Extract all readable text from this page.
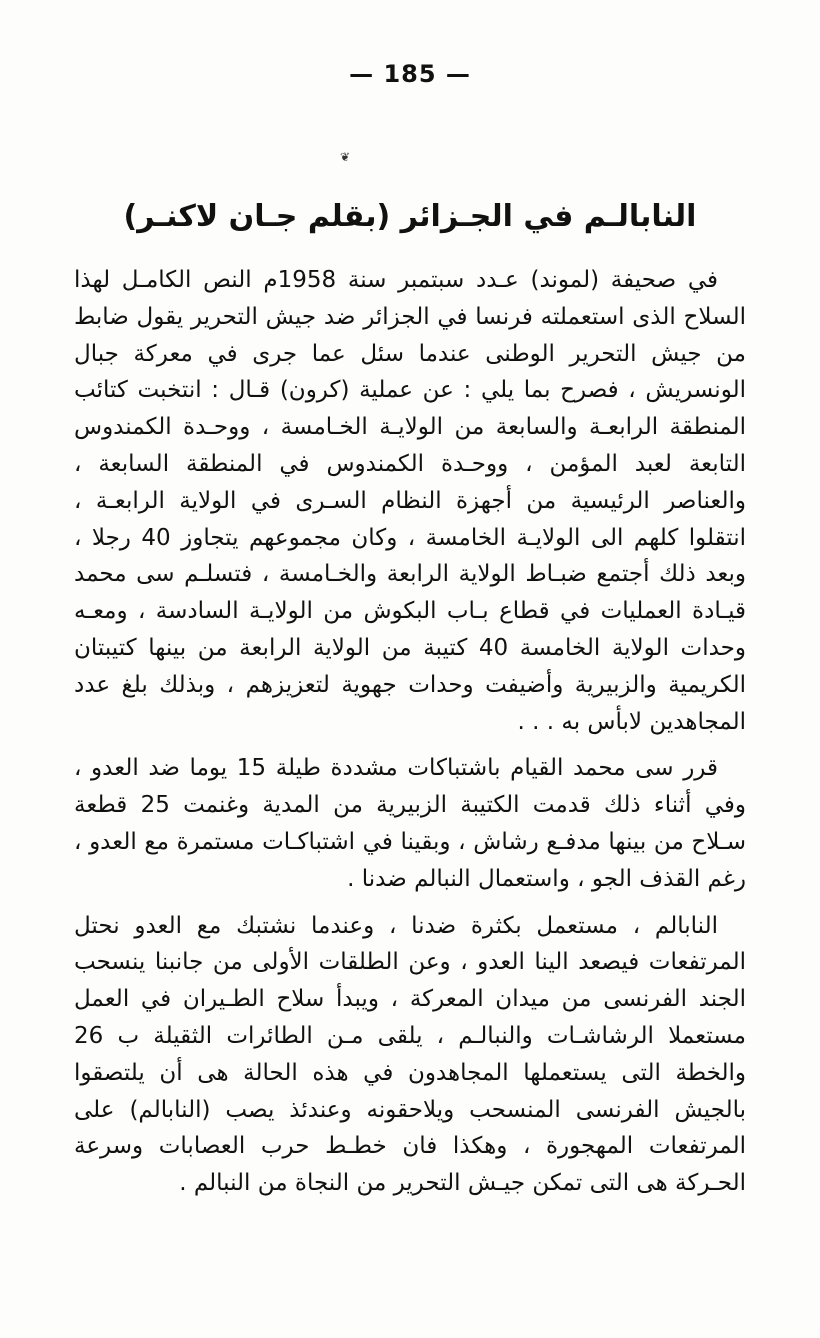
— 185 —
❦
النابالـم في الجـزائر (بقلم جـان لاكنـر)

في صحيفة (لموند) عـدد سبتمبر سنة 1958م النص الكامـل لهذا السلاح الذى استعملته فرنسا في الجزائر ضد جيش التحرير يقول ضابط من جيش التحرير الوطنى عندما سئل عما جرى في معركة جبال الونسريش ، فصرح بما يلي : عن عملية (كرون) قـال : انتخبت كتائب المنطقة الرابعـة والسابعة من الولايـة الخـامسة ، ووحـدة الكمندوس التابعة لعبد المؤمن ، ووحـدة الكمندوس في المنطقة السابعة ، والعناصر الرئيسية من أجهزة النظام السـرى في الولاية الرابعـة ، انتقلوا كلهم الى الولايـة الخامسة ، وكان مجموعهم يتجاوز 40 رجلا ، وبعد ذلك أجتمع ضبـاط الولاية الرابعة والخـامسة ، فتسلـم سى محمد قيـادة العمليات في قطاع بـاب البكوش من الولايـة السادسة ، ومعـه وحدات الولاية الخامسة 40 كتيبة من الولاية الرابعة من بينها كتيبتان الكريمية والزبيرية وأضيفت وحدات جهوية لتعزيزهم ، وبذلك بلغ عدد المجاهدين لابأس به . . .

قرر سى محمد القيام باشتباكات مشددة طيلة 15 يوما ضد العدو ، وفي أثناء ذلك قدمت الكتيبة الزبيرية من المدية وغنمت 25 قطعة سـلاح من بينها مدفـع رشاش ، وبقينا في اشتباكـات مستمرة مع العدو ، رغم القذف الجو ، واستعمال النبالم ضدنا .

النابالم ، مستعمل بكثرة ضدنا ، وعندما نشتبك مع العدو نحتل المرتفعات فيصعد الينا العدو ، وعن الطلقات الأولى من جانبنا ينسحب الجند الفرنسى من ميدان المعركة ، ويبدأ سلاح الطـيران في العمل مستعملا الرشاشـات والنبالـم ، يلقى مـن الطائرات الثقيلة ب 26 والخطة التى يستعملها المجاهدون في هذه الحالة هى أن يلتصقوا بالجيش الفرنسى المنسحب ويلاحقونه وعندئذ يصب (النابالم) على المرتفعات المهجورة ، وهكذا فان خطـط حرب العصابات وسرعة الحـركة هى التى تمكن جيـش التحرير من النجاة من النبالم .
